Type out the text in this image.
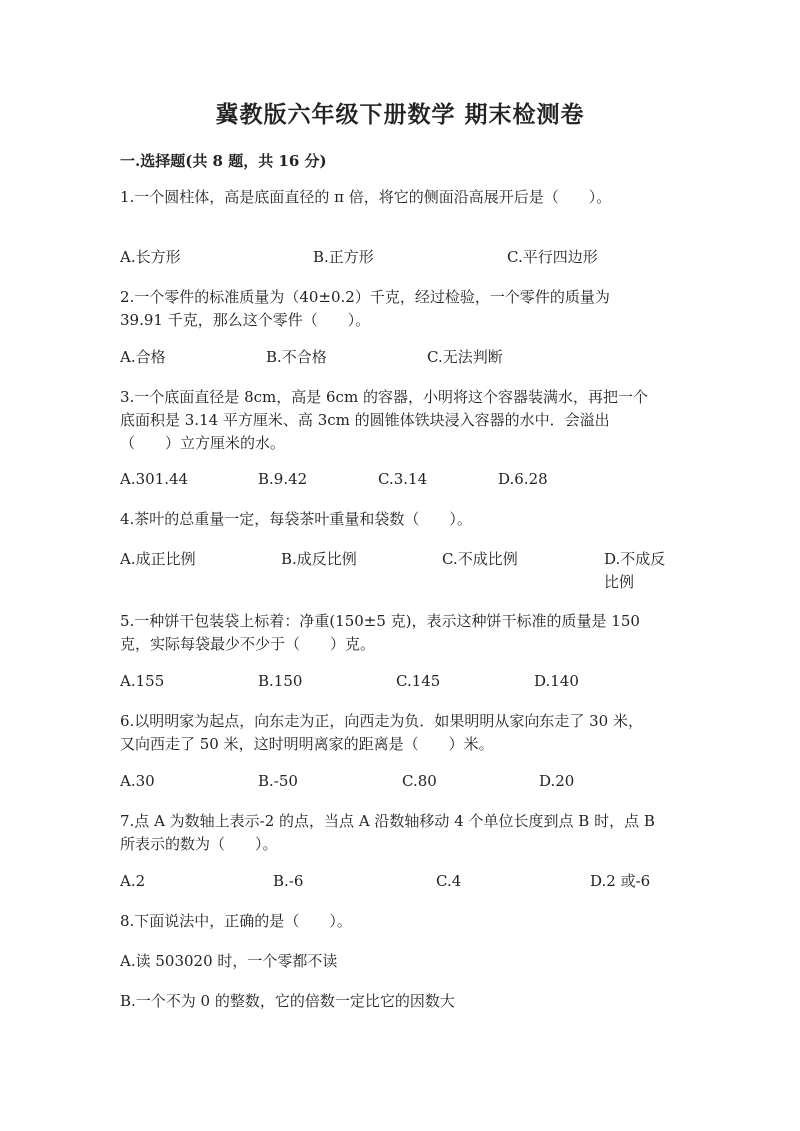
冀教版六年级下册数学 期末检测卷
一.选择题(共 8 题，共 16 分)
1.一个圆柱体，高是底面直径的 π 倍，将它的侧面沿高展开后是（　　）。
A.长方形	B.正方形	C.平行四边形
2.一个零件的标准质量为（40±0.2）千克，经过检验，一个零件的质量为
39.91 千克，那么这个零件（　　）。
A.合格	B.不合格	C.无法判断
3.一个底面直径是 8cm，高是 6cm 的容器，小明将这个容器装满水，再把一个
底面积是 3.14 平方厘米、高 3cm 的圆锥体铁块浸入容器的水中．会溢出
（　　）立方厘米的水。
A.301.44	B.9.42	C.3.14	D.6.28
4.茶叶的总重量一定，每袋茶叶重量和袋数（　　）。
A.成正比例	B.成反比例	C.不成比例	D.不成反比例
5.一种饼干包装袋上标着：净重(150±5 克)，表示这种饼干标准的质量是 150
克，实际每袋最少不少于（　　）克。
A.155	B.150	C.145	D.140
6.以明明家为起点，向东走为正，向西走为负．如果明明从家向东走了 30 米，
又向西走了 50 米，这时明明离家的距离是（　　）米。
A.30	B.-50	C.80	D.20
7.点 A 为数轴上表示-2 的点，当点 A 沿数轴移动 4 个单位长度到点 B 时，点 B
所表示的数为（　　）。
A.2	B.-6	C.4	D.2 或-6
8.下面说法中，正确的是（　　）。
A.读 503020 时，一个零都不读
B.一个不为 0 的整数，它的倍数一定比它的因数大
